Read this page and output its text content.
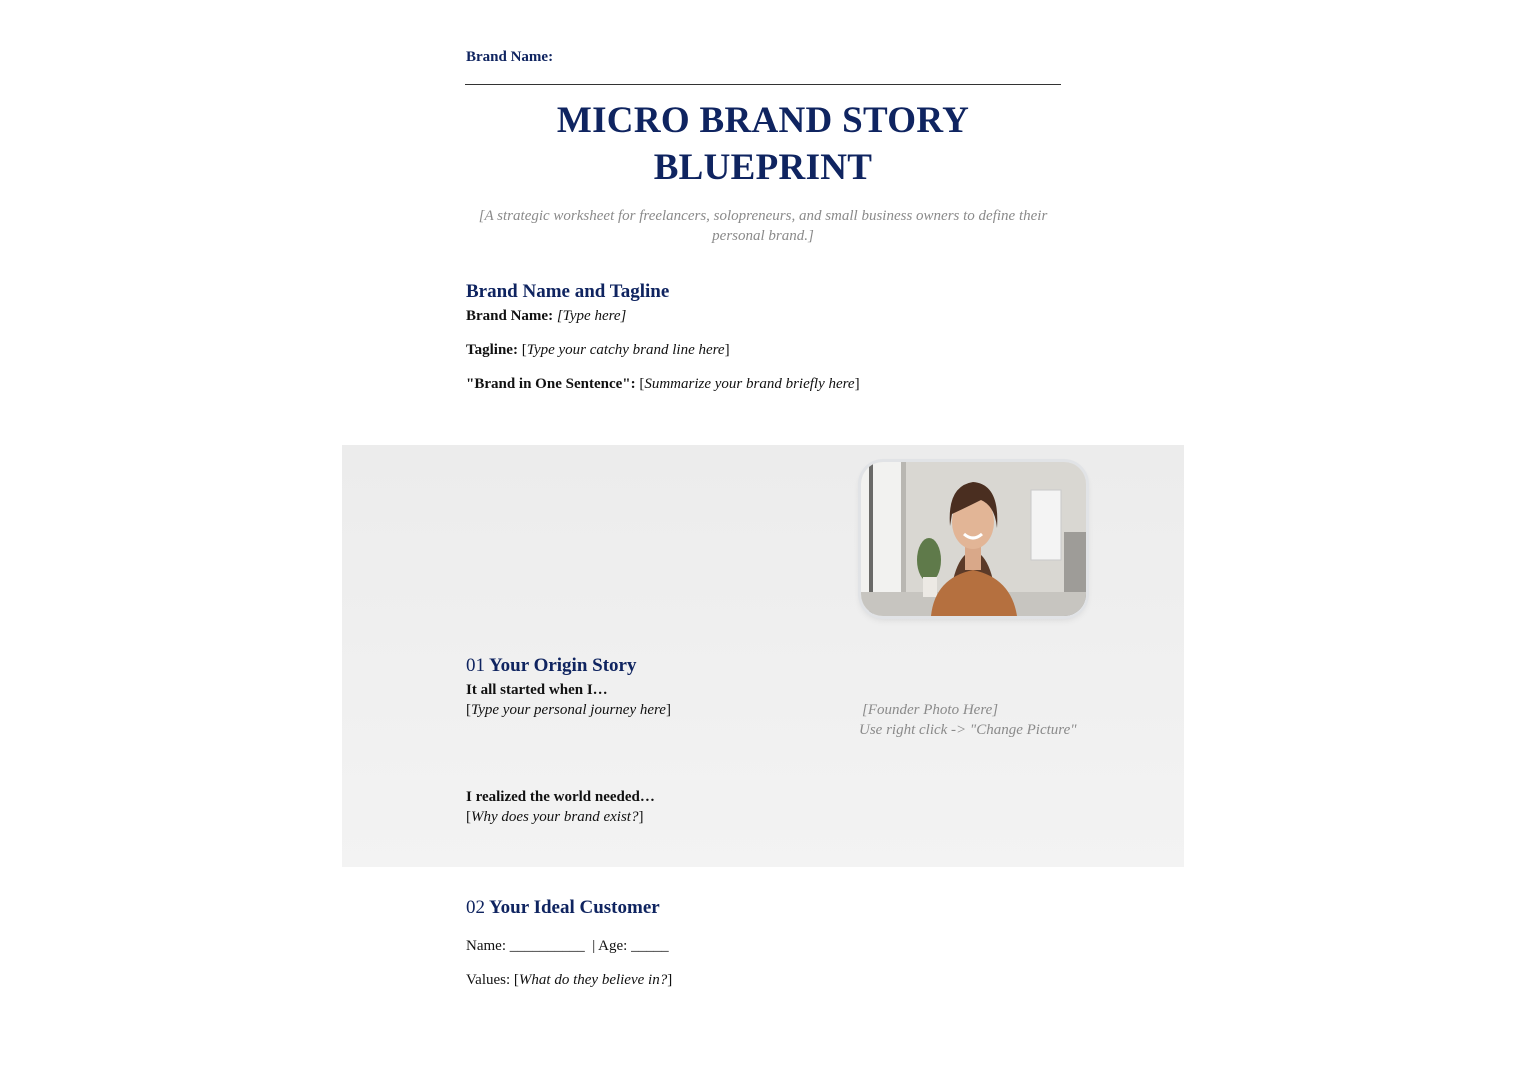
Brand Name:
MICRO BRAND STORY
BLUEPRINT
[A strategic worksheet for freelancers, solopreneurs, and small business owners to define their personal brand.]
Brand Name and Tagline
Brand Name: [Type here]
Tagline: [Type your catchy brand line here]
"Brand in One Sentence": [Summarize your brand briefly here]
[Founder Photo Here]
Use right click -> "Change Picture"
01 Your Origin Story
It all started when I…
[Type your personal journey here]
I realized the world needed…
[Why does your brand exist?]
02 Your Ideal Customer
Name: __________  | Age: _____
Values: [What do they believe in?]
